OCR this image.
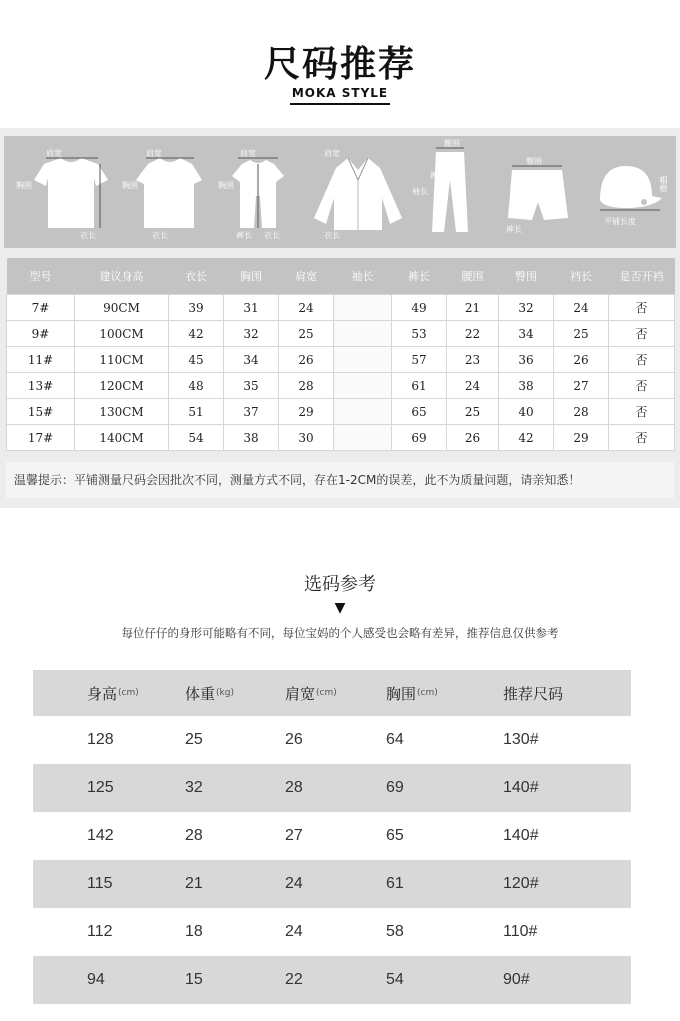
尺码推荐
MOKA STYLE
肩宽
胸围
衣长
肩宽
胸围
衣长
肩宽
胸围
裤长 衣长
肩宽
衣长
腰围
裤长
袖长
臀围
裤长
平铺长度
帽檐
型号	建议身高	衣长	胸围	肩宽	袖长	裤长	腰围	臀围	裆长	是否开裆
7#	90CM	39	31	24		49	21	32	24	否
9#	100CM	42	32	25		53	22	34	25	否
11#	110CM	45	34	26		57	23	36	26	否
13#	120CM	48	35	28		61	24	38	27	否
15#	130CM	51	37	29		65	25	40	28	否
17#	140CM	54	38	30		69	26	42	29	否
温馨提示：平铺测量尺码会因批次不同，测量方式不同，存在1-2CM的误差，此不为质量问题，请亲知悉！
选码参考
▼
每位仔仔的身形可能略有不同，每位宝妈的个人感受也会略有差异，推荐信息仅供参考
身高 (cm)	体重 (kg)	肩宽 (cm)	胸围 (cm)	推荐尺码
128	25	26	64	130#
125	32	28	69	140#
142	28	27	65	140#
115	21	24	61	120#
112	18	24	58	110#
94	15	22	54	90#
